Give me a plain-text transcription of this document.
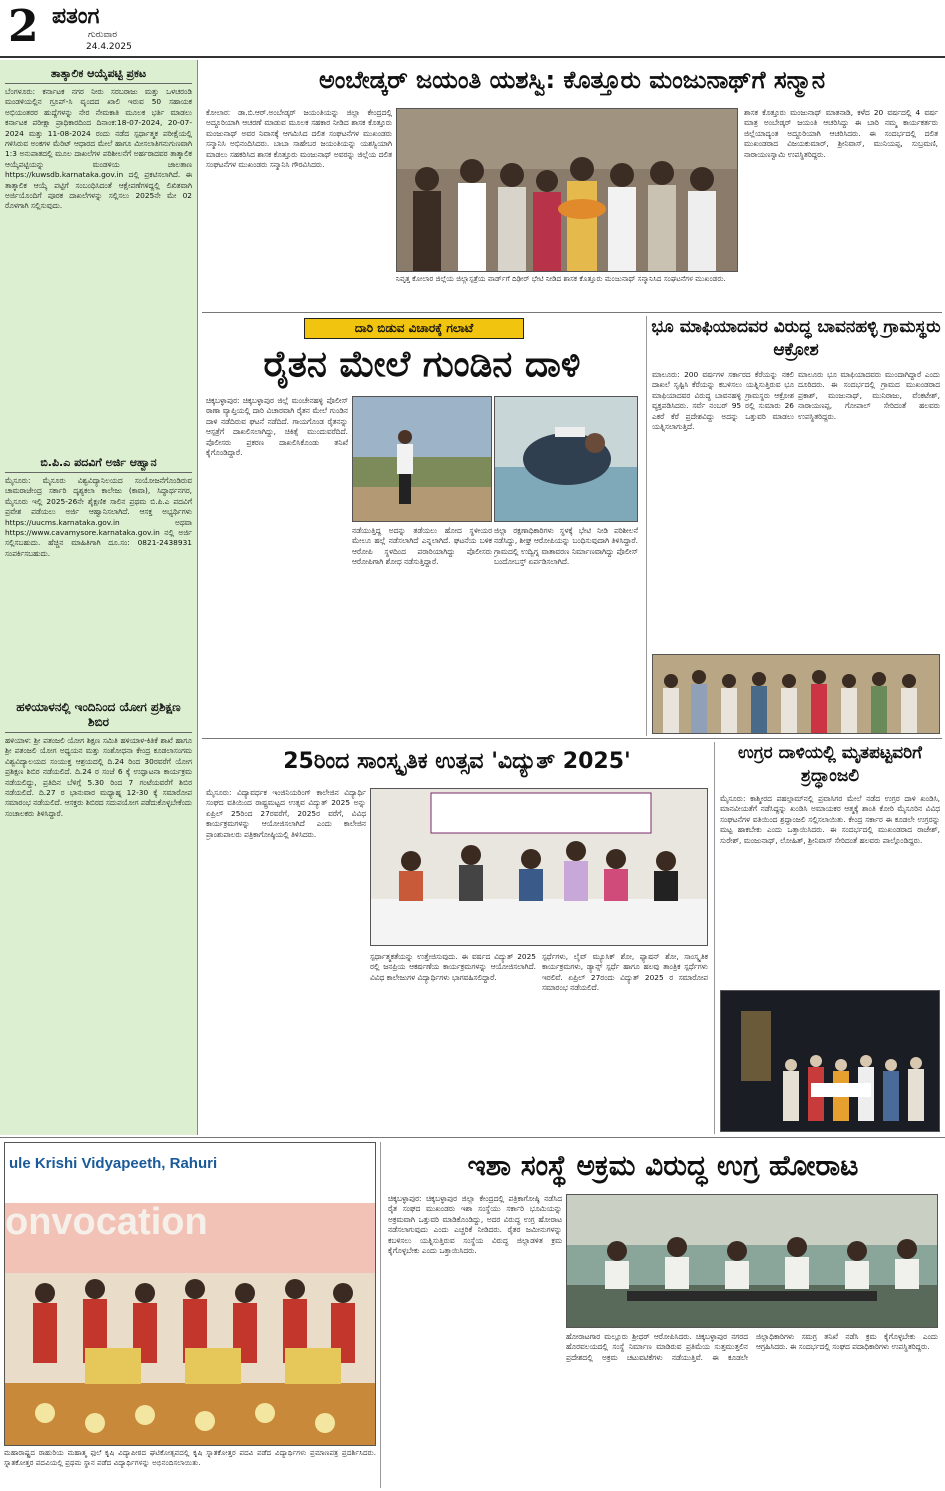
2 ಪತಂಗ
ಗುರುವಾರ
24.4.2025
ತಾತ್ಕಾಲಿಕ ಆಯ್ಕೆಪಟ್ಟಿ ಪ್ರಕಟ
ಬೆಂಗಳೂರು: ಕರ್ನಾಟಕ ನಗರ ನೀರು ಸರಬರಾಜು ಮತ್ತು ಒಳಚರಂಡಿ ಮಂಡಳಿಯಲ್ಲಿನ ಗ್ರೂಪ್-ಸಿ ವೃಂದದ ಖಾಲಿ ಇರುವ 50 ಸಹಾಯಕ ಅಭಿಯಂತರರ ಹುದ್ದೆಗಳನ್ನು ನೇರ ನೇಮಕಾತಿ ಮೂಲಕ ಭರ್ತಿ ಮಾಡಲು ಕರ್ನಾಟಕ ಪರೀಕ್ಷಾ ಪ್ರಾಧಿಕಾರದಿಂದ ದಿನಾಂಕ:18-07-2024, 20-07-2024 ಮತ್ತು 11-08-2024 ರಂದು ನಡೆದ ಸ್ಪರ್ಧಾತ್ಮಕ ಪರೀಕ್ಷೆಯಲ್ಲಿ ಗಳಿಸಿರುವ ಅಂಕಗಳ ಮೆರಿಟ್ ಆಧಾರದ ಮೇಲೆ ಹಾಗೂ ಮೀಸಲಾತಿಗನುಗುಣವಾಗಿ 1:3 ಅನುಪಾತದಲ್ಲಿ ಮೂಲ ದಾಖಲೆಗಳ ಪರಿಶೀಲನೆಗೆ ಅರ್ಹರಾದವರ ತಾತ್ಕಾಲಿಕ ಆಯ್ಕೆಪಟ್ಟಿಯನ್ನು ಮಂಡಳಿಯ ಜಾಲತಾಣ https://kuwsdb.karnataka.gov.in ದಲ್ಲಿ ಪ್ರಕಟಿಸಲಾಗಿದೆ. ಈ ತಾತ್ಕಾಲಿಕ ಆಯ್ಕೆ ಪಟ್ಟಿಗೆ ಸಂಬಂಧಿಸಿದಂತೆ ಆಕ್ಷೇಪಣೆಗಳಿದ್ದಲ್ಲಿ ಲಿಖಿತವಾಗಿ ಅರ್ಜಿಯೊಂದಿಗೆ ಪೂರಕ ದಾಖಲೆಗಳನ್ನು ಸಲ್ಲಿಸಲು 2025ನೇ ಮೇ 02 ರೊಳಗಾಗಿ ಸಲ್ಲಿಸುವುದು.
ಬಿ.ಪಿ.ಎ ಪದವಿಗೆ ಅರ್ಜಿ ಆಹ್ವಾನ
ಮೈಸೂರು: ಮೈಸೂರು ವಿಶ್ವವಿದ್ಯಾನಿಲಯದ ಸಂಯೋಜನೆಗೊಂಡಿರುವ ಚಾಮರಾಜೇಂದ್ರ ಸರ್ಕಾರಿ ದೃಶ್ಯಕಲಾ ಕಾಲೇಜು (ಕಾವಾ), ಸಿದ್ಧಾರ್ಥನಗರ, ಮೈಸೂರು ಇಲ್ಲಿ 2025-26ನೇ ಶೈಕ್ಷಣಿಕ ಸಾಲಿನ ಪ್ರಥಮ ಬಿ.ಪಿ.ಎ ಪದವಿಗೆ ಪ್ರವೇಶ ಪಡೆಯಲು ಅರ್ಜಿ ಆಹ್ವಾನಿಸಲಾಗಿದೆ. ಆಸಕ್ತ ಅಭ್ಯರ್ಥಿಗಳು https://uucms.karnataka.gov.in ಅಥವಾ https://www.cavamysore.karnataka.gov.in ನಲ್ಲಿ ಅರ್ಜಿ ಸಲ್ಲಿಸಬಹುದು. ಹೆಚ್ಚಿನ ಮಾಹಿತಿಗಾಗಿ ದೂ.ಸಂ: 0821-2438931 ಸಂಪರ್ಕಿಸಬಹುದು.
ಹಳಿಯಾಳನಲ್ಲಿ ಇಂದಿನಿಂದ ಯೋಗ ಪ್ರಶಿಕ್ಷಣ ಶಿಬಿರ
ಹಳಿಯಾಳ: ಶ್ರೀ ಪತಂಜಲಿ ಯೋಗ ಶಿಕ್ಷಣ ಸಮಿತಿ ಹಳಿಯಾಳ-ಕಿತಿಕೆ ಶಾಖೆ ಹಾಗೂ ಶ್ರೀ ಪತಂಜಲಿ ಯೋಗ ಅಧ್ಯಯನ ಮತ್ತು ಸಂಶೋಧನಾ ಕೇಂದ್ರ ಕೂಡಲಾಸಂಗಮ ವಿಶ್ವವಿದ್ಯಾಲಯದ ಸಂಯುಕ್ತ ಆಶ್ರಯದಲ್ಲಿ ದಿ.24 ರಿಂದ 30ರವರೆಗೆ ಯೋಗ ಪ್ರಶಿಕ್ಷಣ ಶಿಬಿರ ನಡೆಯಲಿದೆ. ದಿ.24 ರ ಸಂಜೆ 6 ಕ್ಕೆ ಉದ್ಘಾಟನಾ ಕಾರ್ಯಕ್ರಮ ನಡೆಯಲಿದ್ದು, ಪ್ರತಿದಿನ ಬೆಳಿಗ್ಗೆ 5.30 ರಿಂದ 7 ಗಂಟೆಯವರೆಗೆ ಶಿಬಿರ ನಡೆಯಲಿದೆ. ದಿ.27 ರ ಭಾನುವಾರ ಮಧ್ಯಾಹ್ನ 12-30 ಕ್ಕೆ ಸಮಾರೋಪ ಸಮಾರಂಭ ನಡೆಯಲಿದೆ. ಆಸಕ್ತರು ಶಿಬಿರದ ಸದುಪಯೋಗ ಪಡೆದುಕೊಳ್ಳಬೇಕೆಂದು ಸಂಚಾಲಕರು ತಿಳಿಸಿದ್ದಾರೆ.
ಅಂಬೇಡ್ಕರ್ ಜಯಂತಿ ಯಶಸ್ವಿ: ಕೊತ್ತೂರು ಮಂಜುನಾಥ್‌ಗೆ ಸನ್ಮಾನ
ಕೋಲಾರ: ಡಾ.ಬಿ.ಆರ್.ಅಂಬೇಡ್ಕರ್ ಜಯಂತಿಯನ್ನು ಜಿಲ್ಲಾ ಕೇಂದ್ರದಲ್ಲಿ ಅದ್ದೂರಿಯಾಗಿ ಆಚರಣೆ ಮಾಡುವ ಮೂಲಕ ಸಹಕಾರ ನೀಡಿದ ಶಾಸಕ ಕೊತ್ತೂರು ಮಂಜುನಾಥ್ ಅವರ ನಿವಾಸಕ್ಕೆ ಆಗಮಿಸಿದ ದಲಿತ ಸಂಘಟನೆಗಳ ಮುಖಂಡರು ಸನ್ಮಾನಿಸಿ ಅಭಿನಂದಿಸಿದರು. ಬಾಬಾ ಸಾಹೇಬರ ಜಯಂತಿಯನ್ನು ಯಶಸ್ವಿಯಾಗಿ ಮಾಡಲು ಸಹಕರಿಸಿದ ಶಾಸಕ ಕೊತ್ತೂರು ಮಂಜುನಾಥ್ ಅವರನ್ನು ಜಿಲ್ಲೆಯ ದಲಿತ ಸಂಘಟನೆಗಳ ಮುಖಂಡರು ಸನ್ಮಾನಿಸಿ ಗೌರವಿಸಿದರು.
ನಿವೃತ್ತ ಕೋಲಾರ ಜಿಲ್ಲೆಯ ಜಿಲ್ಲಾಸ್ಪತ್ರೆಯ ವಾರ್ಡ್‌ಗೆ ದಿಢೀರ್ ಭೇಟಿ ನೀಡಿದ ಶಾಸಕ ಕೊತ್ತೂರು ಮಂಜುನಾಥ್ ಸನ್ಮಾನಿಸಿದ ಸಂಘಟನೆಗಳ ಮುಖಂಡರು.
ಶಾಸಕ ಕೊತ್ತೂರು ಮಂಜುನಾಥ್ ಮಾತನಾಡಿ, ಕಳೆದ 20 ವರ್ಷದಲ್ಲಿ 4 ವರ್ಷ ಮಾತ್ರ ಅಂಬೇಡ್ಕರ್ ಜಯಂತಿ ಆಚರಿಸಿದ್ದು ಈ ಬಾರಿ ನಮ್ಮ ಕಾರ್ಯಕರ್ತರು ಜಿಲ್ಲೆಯಾದ್ಯಂತ ಅದ್ದೂರಿಯಾಗಿ ಆಚರಿಸಿದರು. ಈ ಸಂದರ್ಭದಲ್ಲಿ ದಲಿತ ಮುಖಂಡರಾದ ವಿಜಯಕುಮಾರ್, ಶ್ರೀನಿವಾಸ್, ಮುನಿಯಪ್ಪ, ಸುಬ್ರಮಣಿ, ನಾರಾಯಣಸ್ವಾಮಿ ಉಪಸ್ಥಿತರಿದ್ದರು.
ದಾರಿ ಬಿಡುವ ವಿಚಾರಕ್ಕೆ ಗಲಾಟೆ
ರೈತನ ಮೇಲೆ ಗುಂಡಿನ ದಾಳಿ
ಚಿಕ್ಕಬಳ್ಳಾಪುರ: ಚಿಕ್ಕಬಳ್ಳಾಪುರ ಜಿಲ್ಲೆ ಮಂಚೇನಹಳ್ಳಿ ಪೊಲೀಸ್ ಠಾಣಾ ವ್ಯಾಪ್ತಿಯಲ್ಲಿ ದಾರಿ ವಿಚಾರವಾಗಿ ರೈತನ ಮೇಲೆ ಗುಂಡಿನ ದಾಳಿ ನಡೆದಿರುವ ಘಟನೆ ನಡೆದಿದೆ. ಗಾಯಗೊಂಡ ರೈತನನ್ನು ಆಸ್ಪತ್ರೆಗೆ ದಾಖಲಿಸಲಾಗಿದ್ದು, ಚಿಕಿತ್ಸೆ ಮುಂದುವರೆದಿದೆ. ಪೊಲೀಸರು ಪ್ರಕರಣ ದಾಖಲಿಸಿಕೊಂಡು ತನಿಖೆ ಕೈಗೊಂಡಿದ್ದಾರೆ.
ನಡೆಯುತ್ತಿದ್ದ ಅದನ್ನು ತಡೆಯಲು ಹೋದ ಸ್ಥಳೀಯರ ಮೇಲೂ ಹಲ್ಲೆ ನಡೆಸಲಾಗಿದೆ ಎನ್ನಲಾಗಿದೆ. ಘಟನೆಯ ಬಳಿಕ ಆರೋಪಿ ಸ್ಥಳದಿಂದ ಪರಾರಿಯಾಗಿದ್ದು ಪೊಲೀಸರು ಆರೋಪಿಗಾಗಿ ಶೋಧ ನಡೆಸುತ್ತಿದ್ದಾರೆ.
ಜಿಲ್ಲಾ ರಕ್ಷಣಾಧಿಕಾರಿಗಳು ಸ್ಥಳಕ್ಕೆ ಭೇಟಿ ನೀಡಿ ಪರಿಶೀಲನೆ ನಡೆಸಿದ್ದು, ಶೀಘ್ರ ಆರೋಪಿಯನ್ನು ಬಂಧಿಸುವುದಾಗಿ ತಿಳಿಸಿದ್ದಾರೆ. ಗ್ರಾಮದಲ್ಲಿ ಉದ್ವಿಗ್ನ ವಾತಾವರಣ ನಿರ್ಮಾಣವಾಗಿದ್ದು ಪೊಲೀಸ್ ಬಂದೋಬಸ್ತ್ ಏರ್ಪಡಿಸಲಾಗಿದೆ.
ಭೂ ಮಾಫಿಯಾದವರ ವಿರುದ್ಧ ಬಾವನಹಳ್ಳಿ ಗ್ರಾಮಸ್ಥರು ಆಕ್ರೋಶ
ಮಾಲೂರು: 200 ವರ್ಷಗಳ ಸರ್ಕಾರದ ಕೆರೆಯನ್ನು ನಕಲಿ ದಾಖಲೆ ಸೃಷ್ಟಿಸಿ ಕೆರೆಯನ್ನು ಕಬಳಿಸಲು ಯತ್ನಿಸುತ್ತಿರುವ ಭೂ ಮಾಫಿಯಾದವರ ವಿರುದ್ಧ ಬಾವನಹಳ್ಳಿ ಗ್ರಾಮಸ್ಥರು ಆಕ್ರೋಶ ವ್ಯಕ್ತಪಡಿಸಿದರು. ಸರ್ವೆ ನಂಬರ್ 95 ರಲ್ಲಿ ಸುಮಾರು 26 ಎಕರೆ ಕೆರೆ ಪ್ರದೇಶವಿದ್ದು ಅದನ್ನು ಒತ್ತುವರಿ ಮಾಡಲು ಯತ್ನಿಸಲಾಗುತ್ತಿದೆ.
ಮಾಲೂರು ಭೂ ಮಾಫಿಯಾದವರು ಮುಂದಾಗಿದ್ದಾರೆ ಎಂದು ದೂರಿದರು. ಈ ಸಂದರ್ಭದಲ್ಲಿ ಗ್ರಾಮದ ಮುಖಂಡರಾದ ಪ್ರಕಾಶ್, ಮಂಜುನಾಥ್, ಮುನಿರಾಜು, ವೆಂಕಟೇಶ್, ನಾರಾಯಣಪ್ಪ, ಗೋಪಾಲ್ ಸೇರಿದಂತೆ ಹಲವರು ಉಪಸ್ಥಿತರಿದ್ದರು.
25ರಿಂದ ಸಾಂಸ್ಕೃತಿಕ ಉತ್ಸವ 'ವಿದ್ಯುತ್ 2025'
ಮೈಸೂರು: ವಿದ್ಯಾವರ್ಧಕ ಇಂಜಿನಿಯರಿಂಗ್ ಕಾಲೇಜಿನ ವಿದ್ಯಾರ್ಥಿ ಸಂಘದ ವತಿಯಿಂದ ರಾಷ್ಟ್ರಮಟ್ಟದ ಉತ್ಸವ ವಿದ್ಯುತ್ 2025 ಅನ್ನು ಏಪ್ರಿಲ್ 25ರಿಂದ 27ರವರೆಗೆ, 2025ರ ವರೆಗೆ, ವಿವಿಧ ಕಾರ್ಯಕ್ರಮಗಳನ್ನು ಆಯೋಜಿಸಲಾಗಿದೆ ಎಂದು ಕಾಲೇಜಿನ ಪ್ರಾಂಶುಪಾಲರು ಪತ್ರಿಕಾಗೋಷ್ಠಿಯಲ್ಲಿ ತಿಳಿಸಿದರು.
ಸ್ಪರ್ಧಾತ್ಮಕತೆಯನ್ನು ಉತ್ತೇಜಿಸುವುದು. ಈ ವರ್ಷದ ವಿದ್ಯುತ್ 2025 ರಲ್ಲಿ ಜನಪ್ರಿಯ ಆಕರ್ಷಣೆಯ ಕಾರ್ಯಕ್ರಮಗಳನ್ನು ಆಯೋಜಿಸಲಾಗಿದೆ. ವಿವಿಧ ಕಾಲೇಜುಗಳ ವಿದ್ಯಾರ್ಥಿಗಳು ಭಾಗವಹಿಸಲಿದ್ದಾರೆ.
ಸ್ಪರ್ಧೆಗಳು, ಲೈವ್ ಮ್ಯೂಸಿಕ್ ಶೋ, ಫ್ಯಾಷನ್ ಶೋ, ಸಾಂಸ್ಕೃತಿಕ ಕಾರ್ಯಕ್ರಮಗಳು, ಡ್ಯಾನ್ಸ್ ಸ್ಪರ್ಧೆ ಹಾಗೂ ಹಲವು ತಾಂತ್ರಿಕ ಸ್ಪರ್ಧೆಗಳು ಇರಲಿವೆ. ಏಪ್ರಿಲ್ 27ರಂದು ವಿದ್ಯುತ್ 2025 ರ ಸಮಾರೋಪ ಸಮಾರಂಭ ನಡೆಯಲಿದೆ.
ಉಗ್ರರ ದಾಳಿಯಲ್ಲಿ ಮೃತಪಟ್ಟವರಿಗೆ ಶ್ರದ್ಧಾಂಜಲಿ
ಮೈಸೂರು: ಕಾಶ್ಮೀರದ ಪಹಲ್ಗಾಮ್‌ನಲ್ಲಿ ಪ್ರವಾಸಿಗರ ಮೇಲೆ ನಡೆದ ಉಗ್ರರ ದಾಳಿ ಖಂಡಿಸಿ, ಮಾನವೀಯತೆಗೆ ನಡೆಸಿದ್ದನ್ನು ಖಂಡಿಸಿ ಅಮಾಯಕರ ಆತ್ಮಕ್ಕೆ ಶಾಂತಿ ಕೋರಿ ಮೈಸೂರಿನ ವಿವಿಧ ಸಂಘಟನೆಗಳ ವತಿಯಿಂದ ಶ್ರದ್ಧಾಂಜಲಿ ಸಲ್ಲಿಸಲಾಯಿತು. ಕೇಂದ್ರ ಸರ್ಕಾರ ಈ ಕೂಡಲೇ ಉಗ್ರರನ್ನು ಮಟ್ಟ ಹಾಕಬೇಕು ಎಂದು ಒತ್ತಾಯಿಸಿದರು. ಈ ಸಂದರ್ಭದಲ್ಲಿ ಮುಖಂಡರಾದ ರಾಜೇಶ್, ಸುರೇಶ್, ಮಂಜುನಾಥ್, ಲೋಹಿತ್, ಶ್ರೀನಿವಾಸ್ ಸೇರಿದಂತೆ ಹಲವರು ಪಾಲ್ಗೊಂಡಿದ್ದರು.
ule Krishi Vidyapeeth, Rahuri
onvocation
ಮಹಾರಾಷ್ಟ್ರದ ರಾಹುರಿಯ ಮಹಾತ್ಮ ಫುಲೆ ಕೃಷಿ ವಿದ್ಯಾಪೀಠದ ಘಟಿಕೋತ್ಸವದಲ್ಲಿ ಕೃಷಿ ಸ್ನಾತಕೋತ್ತರ ಪದವಿ ಪಡೆದ ವಿದ್ಯಾರ್ಥಿಗಳು ಪ್ರಮಾಣಪತ್ರ ಪ್ರದರ್ಶಿಸಿದರು. ಸ್ನಾತಕೋತ್ತರ ಪದವಿಯಲ್ಲಿ ಪ್ರಥಮ ಸ್ಥಾನ ಪಡೆದ ವಿದ್ಯಾರ್ಥಿಗಳನ್ನು ಅಭಿನಂದಿಸಲಾಯಿತು.
ಇಶಾ ಸಂಸ್ಥೆ ಅಕ್ರಮ ವಿರುದ್ಧ ಉಗ್ರ ಹೋರಾಟ
ಚಿಕ್ಕಬಳ್ಳಾಪುರ: ಚಿಕ್ಕಬಳ್ಳಾಪುರ ಜಿಲ್ಲಾ ಕೇಂದ್ರದಲ್ಲಿ ಪತ್ರಿಕಾಗೋಷ್ಠಿ ನಡೆಸಿದ ರೈತ ಸಂಘದ ಮುಖಂಡರು ಇಶಾ ಸಂಸ್ಥೆಯು ಸರ್ಕಾರಿ ಭೂಮಿಯನ್ನು ಅಕ್ರಮವಾಗಿ ಒತ್ತುವರಿ ಮಾಡಿಕೊಂಡಿದ್ದು, ಅದರ ವಿರುದ್ಧ ಉಗ್ರ ಹೋರಾಟ ನಡೆಸಲಾಗುವುದು ಎಂದು ಎಚ್ಚರಿಕೆ ನೀಡಿದರು. ರೈತರ ಜಮೀನುಗಳನ್ನು ಕಬಳಿಸಲು ಯತ್ನಿಸುತ್ತಿರುವ ಸಂಸ್ಥೆಯ ವಿರುದ್ಧ ಜಿಲ್ಲಾಡಳಿತ ಕ್ರಮ ಕೈಗೊಳ್ಳಬೇಕು ಎಂದು ಒತ್ತಾಯಿಸಿದರು.
ಹೋರಾಟಗಾರ ಮಲ್ಲೂರು ಶ್ರೀಧರ್ ಆರೋಪಿಸಿದರು. ಚಿಕ್ಕಬಳ್ಳಾಪುರ ನಗರದ ಹೊರವಲಯದಲ್ಲಿ ಸಂಸ್ಥೆ ನಿರ್ಮಾಣ ಮಾಡಿರುವ ಪ್ರತಿಮೆಯ ಸುತ್ತಮುತ್ತಲಿನ ಪ್ರದೇಶದಲ್ಲಿ ಅಕ್ರಮ ಚಟುವಟಿಕೆಗಳು ನಡೆಯುತ್ತಿವೆ. ಈ ಕೂಡಲೇ ಜಿಲ್ಲಾಧಿಕಾರಿಗಳು ಸಮಗ್ರ ತನಿಖೆ ನಡೆಸಿ ಕ್ರಮ ಕೈಗೊಳ್ಳಬೇಕು ಎಂದು ಆಗ್ರಹಿಸಿದರು. ಈ ಸಂದರ್ಭದಲ್ಲಿ ಸಂಘದ ಪದಾಧಿಕಾರಿಗಳು ಉಪಸ್ಥಿತರಿದ್ದರು.
